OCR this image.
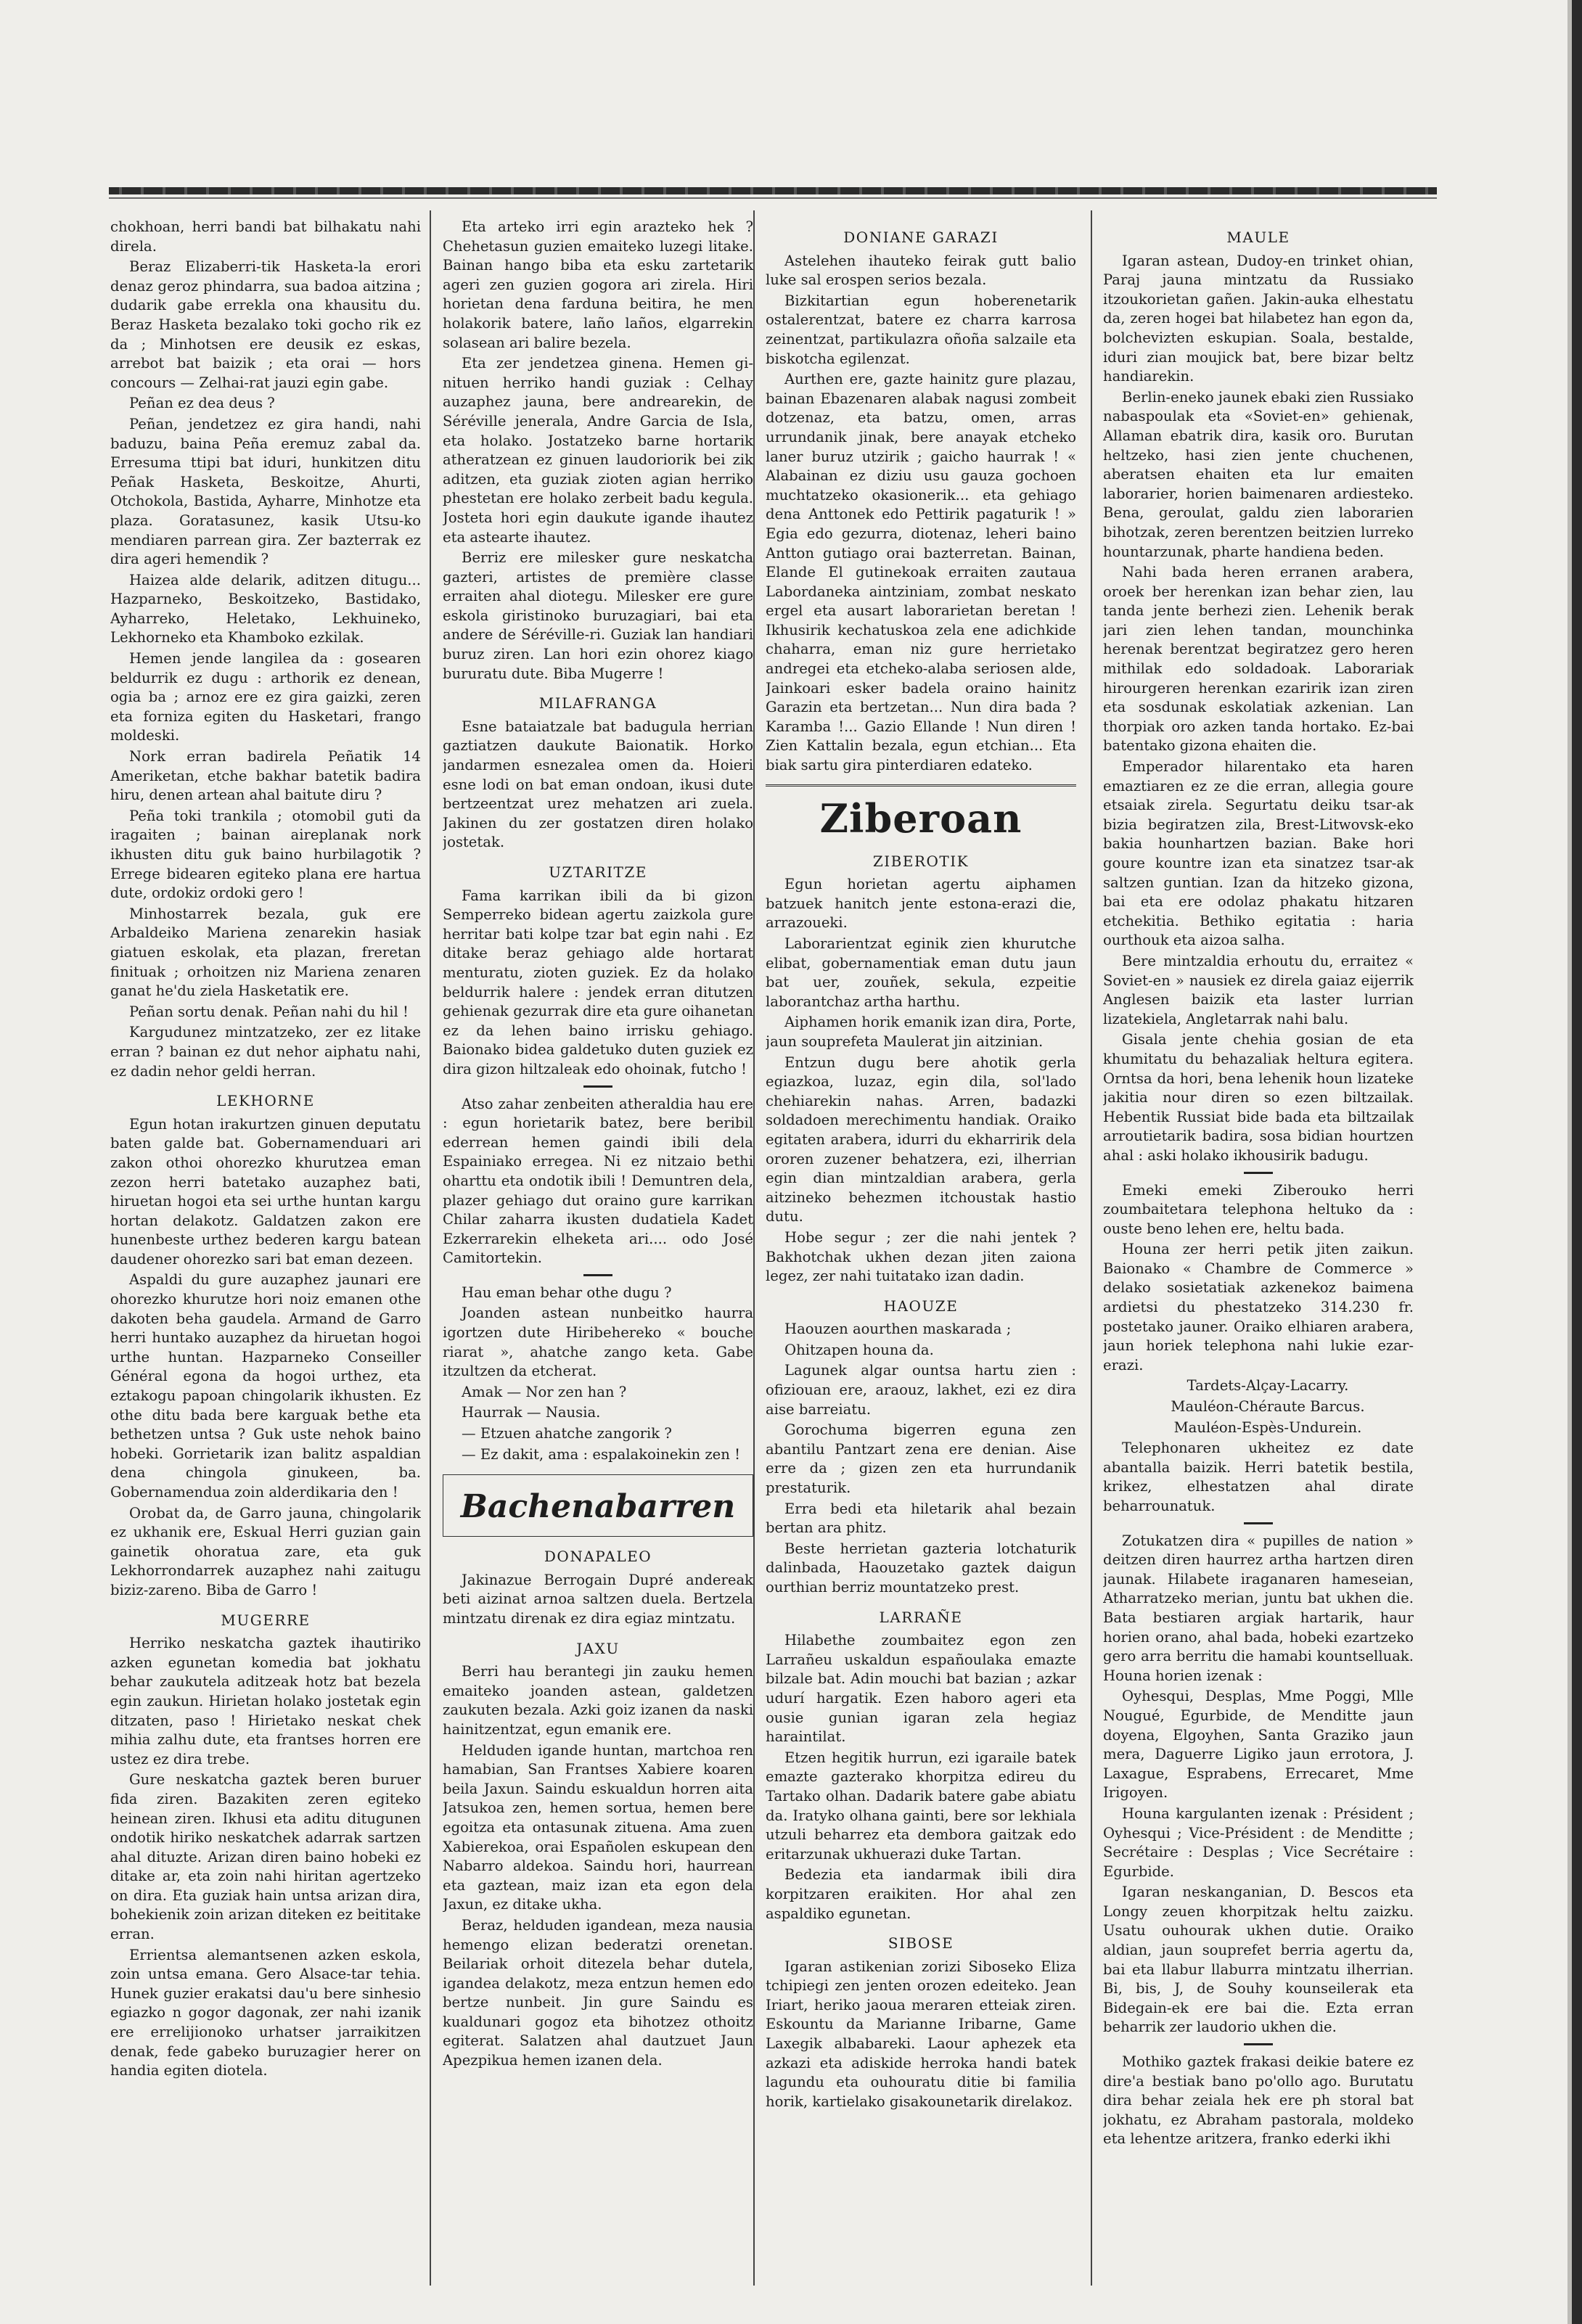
chokhoan, herri bandi bat bilhakatu nahi direla.

Beraz Elizaberri-tik Hasketa-la erori denaz geroz phindarra, sua badoa aitzina ; dudarik gabe errekla ona khausitu du. Beraz Hasketa bezalako toki gocho rik ez da ; Minhotsen ere deusik ez eskas, arrebot bat baizik ; eta orai — hors concours — Zelhai-rat jauzi egin gabe.

Peñan ez dea deus ?

Peñan, jendetzez ez gira handi, nahi baduzu, baina Peña eremuz zabal da. Erresuma ttipi bat iduri, hunkitzen ditu Peñak Hasketa, Beskoitze, Ahurti, Otchokola, Bastida, Ayharre, Minhotze eta plaza. Goratasunez, kasik Utsu-ko mendiaren parrean gira. Zer bazterrak ez dira ageri hemendik ?

Haizea alde delarik, aditzen ditugu... Hazparneko, Beskoitzeko, Bastidako, Ayharreko, Heletako, Lekhuineko, Lekhorneko eta Khamboko ezkilak.

Hemen jende langilea da : gosearen beldurrik ez dugu : arthorik ez denean, ogia ba ; arnoz ere ez gira gaizki, zeren eta forniza egiten du Hasketari, frango moldeski.

Nork erran badirela Peñatik 14 Ameriketan, etche bakhar batetik badira hiru, denen artean ahal baitute diru ?

Peña toki trankila ; otomobil guti da iragaiten ; bainan aireplanak nork ikhusten ditu guk baino hurbilagotik ? Errege bidearen egiteko plana ere hartua dute, ordokiz ordoki gero !

Minhostarrek bezala, guk ere Arbaldeiko Mariena zenarekin hasiak giatuen eskolak, eta plazan, freretan finituak ; orhoitzen niz Mariena zenaren ganat he'du ziela Hasketatik ere.

Peñan sortu denak. Peñan nahi du hil !

Kargudunez mintzatzeko, zer ez litake erran ? bainan ez dut nehor aiphatu nahi, ez dadin nehor geldi herran.

LEKHORNE

Egun hotan irakurtzen ginuen deputatu baten galde bat. Gobernamenduari ari zakon othoi ohorezko khurutzea eman zezon herri batetako auzaphez bati, hiruetan hogoi eta sei urthe huntan kargu hortan delakotz. Galdatzen zakon ere hunenbeste urthez bederen kargu batean daudener ohorezko sari bat eman dezeen.

Aspaldi du gure auzaphez jaunari ere ohorezko khurutze hori noiz emanen othe dakoten beha gaudela. Armand de Garro herri huntako auzaphez da hiruetan hogoi urthe huntan. Hazparneko Conseiller Général egona da hogoi urthez, eta eztakogu papoan chingolarik ikhusten. Ez othe ditu bada bere karguak bethe eta bethetzen untsa ? Guk uste nehok baino hobeki. Gorrietarik izan balitz aspaldian dena chingola ginukeen, ba. Gobernamendua zoin alderdikaria den !

Orobat da, de Garro jauna, chingolarik ez ukhanik ere, Eskual Herri guzian gain gainetik ohoratua zare, eta guk Lekhorrondarrek auzaphez nahi zaitugu biziz-zareno. Biba de Garro !

MUGERRE

Herriko neskatcha gaztek ihautiriko azken egunetan komedia bat jokhatu behar zaukutela aditzeak hotz bat bezela egin zaukun. Hirietan holako jostetak egin ditzaten, paso ! Hirietako neskat chek mihia zalhu dute, eta frantses horren ere ustez ez dira trebe.

Gure neskatcha gaztek beren buruer fida ziren. Bazakiten zeren egiteko heinean ziren. Ikhusi eta aditu ditugunen ondotik hiriko neskatchek adarrak sartzen ahal dituzte. Arizan diren baino hobeki ez ditake ar, eta zoin nahi hiritan agertzeko on dira. Eta guziak hain untsa arizan dira, bohekienik zoin arizan diteken ez beititake erran.

Errientsa alemantsenen azken eskola, zoin untsa emana. Gero Alsace-tar tehia. Hunek guzier erakatsi dau'u bere sinhesio egiazko n gogor dagonak, zer nahi izanik ere errelijionoko urhatser jarraikitzen denak, fede gabeko buruzagier herer on handia egiten diotela.

Eta arteko irri egin arazteko hek ? Chehetasun guzien emaiteko luzegi litake. Bainan hango biba eta esku zartetarik ageri zen guzien gogora ari zirela. Hiri horietan dena farduna beitira, he men holakorik batere, laño laños, elgarrekin solasean ari balire bezela.

Eta zer jendetzea ginena. Hemen gi-nituen herriko handi guziak : Celhay auzaphez jauna, bere andrearekin, de Séréville jenerala, Andre Garcia de Isla, eta holako. Jostatzeko barne hortarik atheratzean ez ginuen laudoriorik bei zik aditzen, eta guziak zioten agian herriko phestetan ere holako zerbeit badu kegula. Josteta hori egin daukute igande ihautez eta astearte ihautez.

Berriz ere milesker gure neskatcha gazteri, artistes de première classe erraiten ahal diotegu. Milesker ere gure eskola giristinoko buruzagiari, bai eta andere de Séréville-ri. Guziak lan handiari buruz ziren. Lan hori ezin ohorez kiago bururatu dute. Biba Mugerre !

MILAFRANGA

Esne bataiatzale bat badugula herrian gaztiatzen daukute Baionatik. Horko jandarmen esnezalea omen da. Hoieri esne lodi on bat eman ondoan, ikusi dute bertzeentzat urez mehatzen ari zuela. Jakinen du zer gostatzen diren holako jostetak.

UZTARITZE

Fama karrikan ibili da bi gizon Semperreko bidean agertu zaizkola gure herritar bati kolpe tzar bat egin nahi . Ez ditake beraz gehiago alde hortarat menturatu, zioten guziek. Ez da holako beldurrik halere : jendek erran ditutzen gehienak gezurrak dire eta gure oihanetan ez da lehen baino irrisku gehiago. Baionako bidea galdetuko duten guziek ez dira gizon hiltzaleak edo ohoinak, futcho !

Atso zahar zenbeiten atheraldia hau ere : egun horietarik batez, bere beribil ederrean hemen gaindi ibili dela Espainiako erregea. Ni ez nitzaio bethi oharttu eta ondotik ibili ! Demuntren dela, plazer gehiago dut oraino gure karrikan Chilar zaharra ikusten dudatiela Kadet Ezkerrarekin elheketa ari.... odo José Camitortekin.

Hau eman behar othe dugu ?

Joanden astean nunbeitko haurra igortzen dute Hiribehereko « bouche riarat », ahatche zango keta. Gabe itzultzen da etcherat.

Amak — Nor zen han ?

Haurrak — Nausia.

— Etzuen ahatche zangorik ?

— Ez dakit, ama : espalakoinekin zen !

Bachenabarren
DONAPALEO

Jakinazue Berrogain Dupré andereak beti aizinat arnoa saltzen duela. Bertzela mintzatu direnak ez dira egiaz mintzatu.

JAXU

Berri hau berantegi jin zauku hemen emaiteko joanden astean, galdetzen zaukuten bezala. Azki goiz izanen da naski hainitzentzat, egun emanik ere.

Helduden igande huntan, martchoa ren hamabian, San Frantses Xabiere koaren beila Jaxun. Saindu eskualdun horren aita Jatsukoa zen, hemen sortua, hemen bere egoitza eta ontasunak zituena. Ama zuen Xabierekoa, orai Españolen eskupean den Nabarro aldekoa. Saindu hori, haurrean eta gaztean, maiz izan eta egon dela Jaxun, ez ditake ukha.

Beraz, helduden igandean, meza nausia hemengo elizan bederatzi orenetan. Beilariak orhoit ditezela behar dutela, igandea delakotz, meza entzun hemen edo bertze nunbeit. Jin gure Saindu es kualdunari gogoz eta bihotzez othoitz egiterat. Salatzen ahal dautzuet Jaun Apezpikua hemen izanen dela.

DONIANE GARAZI

Astelehen ihauteko feirak gutt balio luke sal erospen serios bezala.

Bizkitartian egun hoberenetarik ostalerentzat, batere ez charra karrosa zeinentzat, partikulazra oñoña salzaile eta biskotcha egilenzat.

Aurthen ere, gazte hainitz gure plazau, bainan Ebazenaren alabak nagusi zombeit dotzenaz, eta batzu, omen, arras urrundanik jinak, bere anayak etcheko laner buruz utzirik ; gaicho haurrak ! « Alabainan ez diziu usu gauza gochoen muchtatzeko okasionerik... eta gehiago dena Anttonek edo Pettirik pagaturik ! » Egia edo gezurra, diotenaz, leheri baino Antton gutiago orai bazterretan. Bainan, Elande El gutinekoak erraiten zautaua Labordaneka aintziniam, zombat neskato ergel eta ausart laborarietan beretan ! Ikhusirik kechatuskoa zela ene adichkide chaharra, eman niz gure herrietako andregei eta etcheko-alaba seriosen alde, Jainkoari esker badela oraino hainitz Garazin eta bertzetan... Nun dira bada ? Karamba !... Gazio Ellande ! Nun diren ! Zien Kattalin bezala, egun etchian... Eta biak sartu gira pinterdiaren edateko.

Ziberoan
ZIBEROTIK

Egun horietan agertu aiphamen batzuek hanitch jente estona-erazi die, arrazoueki.

Laborarientzat eginik zien khurutche elibat, gobernamentiak eman dutu jaun bat uer, zouñek, sekula, ezpeitie laborantchaz artha harthu.

Aiphamen horik emanik izan dira, Porte, jaun souprefeta Maulerat jin aitzinian.

Entzun dugu bere ahotik gerla egiazkoa, luzaz, egin dila, sol'lado chehiarekin nahas. Arren, badazki soldadoen merechimentu handiak. Oraiko egitaten arabera, idurri du ekharririk dela ororen zuzener behatzera, ezi, ilherrian egin dian mintzaldian arabera, gerla aitzineko behezmen itchoustak hastio dutu.

Hobe segur ; zer die nahi jentek ? Bakhotchak ukhen dezan jiten zaiona legez, zer nahi tuitatako izan dadin.

HAOUZE

Haouzen aourthen maskarada ;

Ohitzapen houna da.

Lagunek algar ountsa hartu zien : ofiziouan ere, araouz, lakhet, ezi ez dira aise barreiatu.

Gorochuma bigerren eguna zen abantilu Pantzart zena ere denian. Aise erre da ; gizen zen eta hurrundanik prestaturik.

Erra bedi eta hiletarik ahal bezain bertan ara phitz.

Beste herrietan gazteria lotchaturik dalinbada, Haouzetako gaztek daigun ourthian berriz mountatzeko prest.

LARRAÑE

Hilabethe zoumbaitez egon zen Larrañeu uskaldun españoulaka emazte bilzale bat. Adin mouchi bat bazian ; azkar udurí hargatik. Ezen haboro ageri eta ousie gunian igaran zela hegiaz haraintilat.

Etzen hegitik hurrun, ezi igaraile batek emazte gazterako khorpitza edireu du Tartako olhan. Dadarik batere gabe abiatu da. Iratyko olhana gainti, bere sor lekhiala utzuli beharrez eta dembora gaitzak edo eritarzunak ukhuerazi duke Tartan.

Bedezia eta iandarmak ibili dira korpitzaren eraikiten. Hor ahal zen aspaldiko egunetan.

SIBOSE

Igaran astikenian zorizi Siboseko Eliza tchipiegi zen jenten orozen edeiteko. Jean Iriart, heriko jaoua meraren etteiak ziren. Eskountu da Marianne Iribarne, Game Laxegik albabareki. Laour aphezek eta azkazi eta adiskide herroka handi batek lagundu eta ouhouratu ditie bi familia horik, kartielako gisakounetarik direlakoz.

MAULE

Igaran astean, Dudoy-en trinket ohian, Paraj jauna mintzatu da Russiako itzoukorietan gañen. Jakin-auka elhestatu da, zeren hogei bat hilabetez han egon da, bolchevizten eskupian. Soala, bestalde, iduri zian moujick bat, bere bizar beltz handiarekin.

Berlin-eneko jaunek ebaki zien Russiako nabaspoulak eta «Soviet-en» gehienak, Allaman ebatrik dira, kasik oro. Burutan heltzeko, hasi zien jente chuchenen, aberatsen ehaiten eta lur emaiten laborarier, horien baimenaren ardiesteko. Bena, geroulat, galdu zien laborarien bihotzak, zeren berentzen beitzien lurreko hountarzunak, pharte handiena beden.

Nahi bada heren erranen arabera, oroek ber herenkan izan behar zien, lau tanda jente berhezi zien. Lehenik berak jari zien lehen tandan, mounchinka herenak berentzat begiratzez gero heren mithilak edo soldadoak. Laborariak hirourgeren herenkan ezaririk izan ziren eta sosdunak eskolatiak azkenian. Lan thorpiak oro azken tanda hortako. Ez-bai batentako gizona ehaiten die.

Emperador hilarentako eta haren emaztiaren ez ze die erran, allegia goure etsaiak zirela. Segurtatu deiku tsar-ak bizia begiratzen zila, Brest-Litwovsk-eko bakia hounhartzen bazian. Bake hori goure kountre izan eta sinatzez tsar-ak saltzen guntian. Izan da hitzeko gizona, bai eta ere odolaz phakatu hitzaren etchekitia. Bethiko egitatia : haria ourthouk eta aizoa salha.

Bere mintzaldia erhoutu du, erraitez « Soviet-en » nausiek ez direla gaiaz eijerrik Anglesen baizik eta laster lurrian lizatekiela, Angletarrak nahi balu.

Gisala jente chehia gosian de eta khumitatu du behazaliak heltura egitera. Orntsa da hori, bena lehenik houn lizateke jakitia nour diren so ezen biltzailak. Hebentik Russiat bide bada eta biltzailak arroutietarik badira, sosa bidian hourtzen ahal : aski holako ikhousirik badugu.

Emeki emeki Ziberouko herri zoumbaitetara telephona heltuko da : ouste beno lehen ere, heltu bada.

Houna zer herri petik jiten zaikun. Baionako « Chambre de Commerce » delako sosietatiak azkenekoz baimena ardietsi du phestatzeko 314.230 fr. postetako jauner. Oraiko elhiaren arabera, jaun horiek telephona nahi lukie ezar-erazi.

Tardets-Alçay-Lacarry.

Mauléon-Chéraute Barcus.

Mauléon-Espès-Undurein.

Telephonaren ukheitez ez date abantalla baizik. Herri batetik bestila, krikez, elhestatzen ahal dirate beharrounatuk.

Zotukatzen dira « pupilles de nation » deitzen diren haurrez artha hartzen diren jaunak. Hilabete iraganaren hameseian, Atharratzeko merian, juntu bat ukhen die. Bata bestiaren argiak hartarik, haur horien orano, ahal bada, hobeki ezartzeko gero arra berritu die hamabi kountselluak. Houna horien izenak :

Oyhesqui, Desplas, Mme Poggi, Mlle Nougué, Egurbide, de Menditte jaun doyena, Elgoyhen, Santa Graziko jaun mera, Daguerre Ligiko jaun errotora, J. Laxague, Esprabens, Errecaret, Mme Irigoyen.

Houna kargulanten izenak : Président ; Oyhesqui ; Vice-Président : de Menditte ; Secrétaire : Desplas ; Vice Secrétaire : Egurbide.

Igaran neskanganian, D. Bescos eta Longy zeuen khorpitzak heltu zaizku. Usatu ouhourak ukhen dutie. Oraiko aldian, jaun souprefet berria agertu da, bai eta llabur llaburra mintzatu ilherrian. Bi, bis, J, de Souhy kounseilerak eta Bidegain-ek ere bai die. Ezta erran beharrik zer laudorio ukhen die.

Mothiko gaztek frakasi deikie batere ez dire'a bestiak bano po'ollo ago. Burutatu dira behar zeiala hek ere ph storal bat jokhatu, ez Abraham pastorala, moldeko eta lehentze aritzera, franko ederki ikhi
